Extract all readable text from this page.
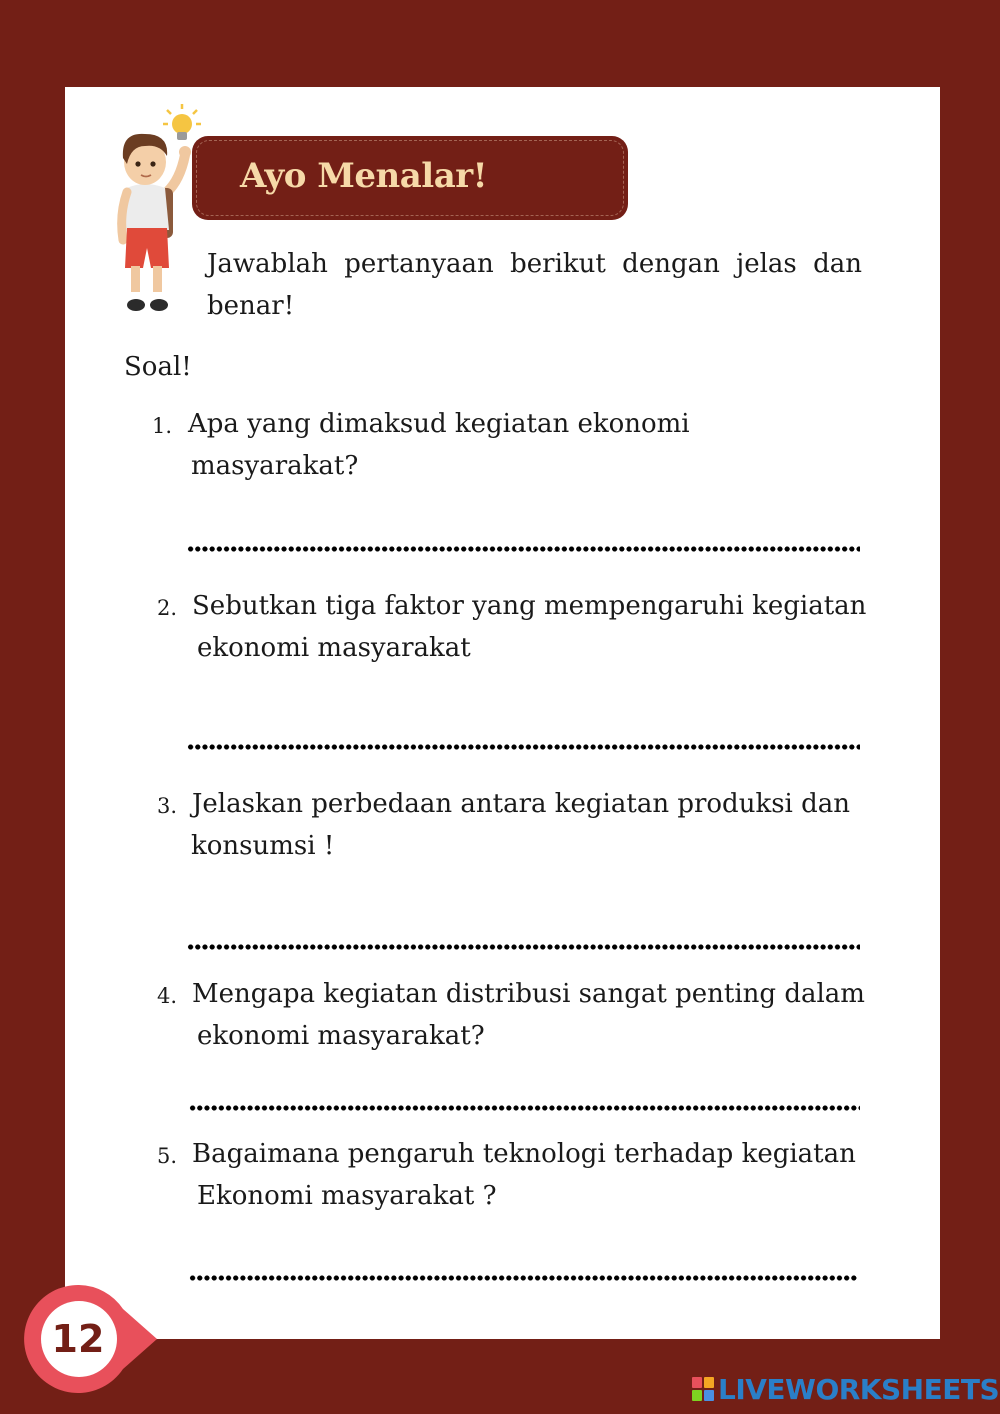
Ayo Menalar!
Jawablah pertanyaan berikut dengan jelas dan benar!
Soal!
1. Apa yang dimaksud kegiatan ekonomi
masyarakat?
2. Sebutkan tiga faktor yang mempengaruhi kegiatan
ekonomi masyarakat
3. Jelaskan perbedaan antara kegiatan produksi dan
konsumsi !
4. Mengapa kegiatan distribusi sangat penting dalam
ekonomi masyarakat?
5. Bagaimana pengaruh teknologi terhadap kegiatan
Ekonomi masyarakat ?
12
LIVEWORKSHEETS
